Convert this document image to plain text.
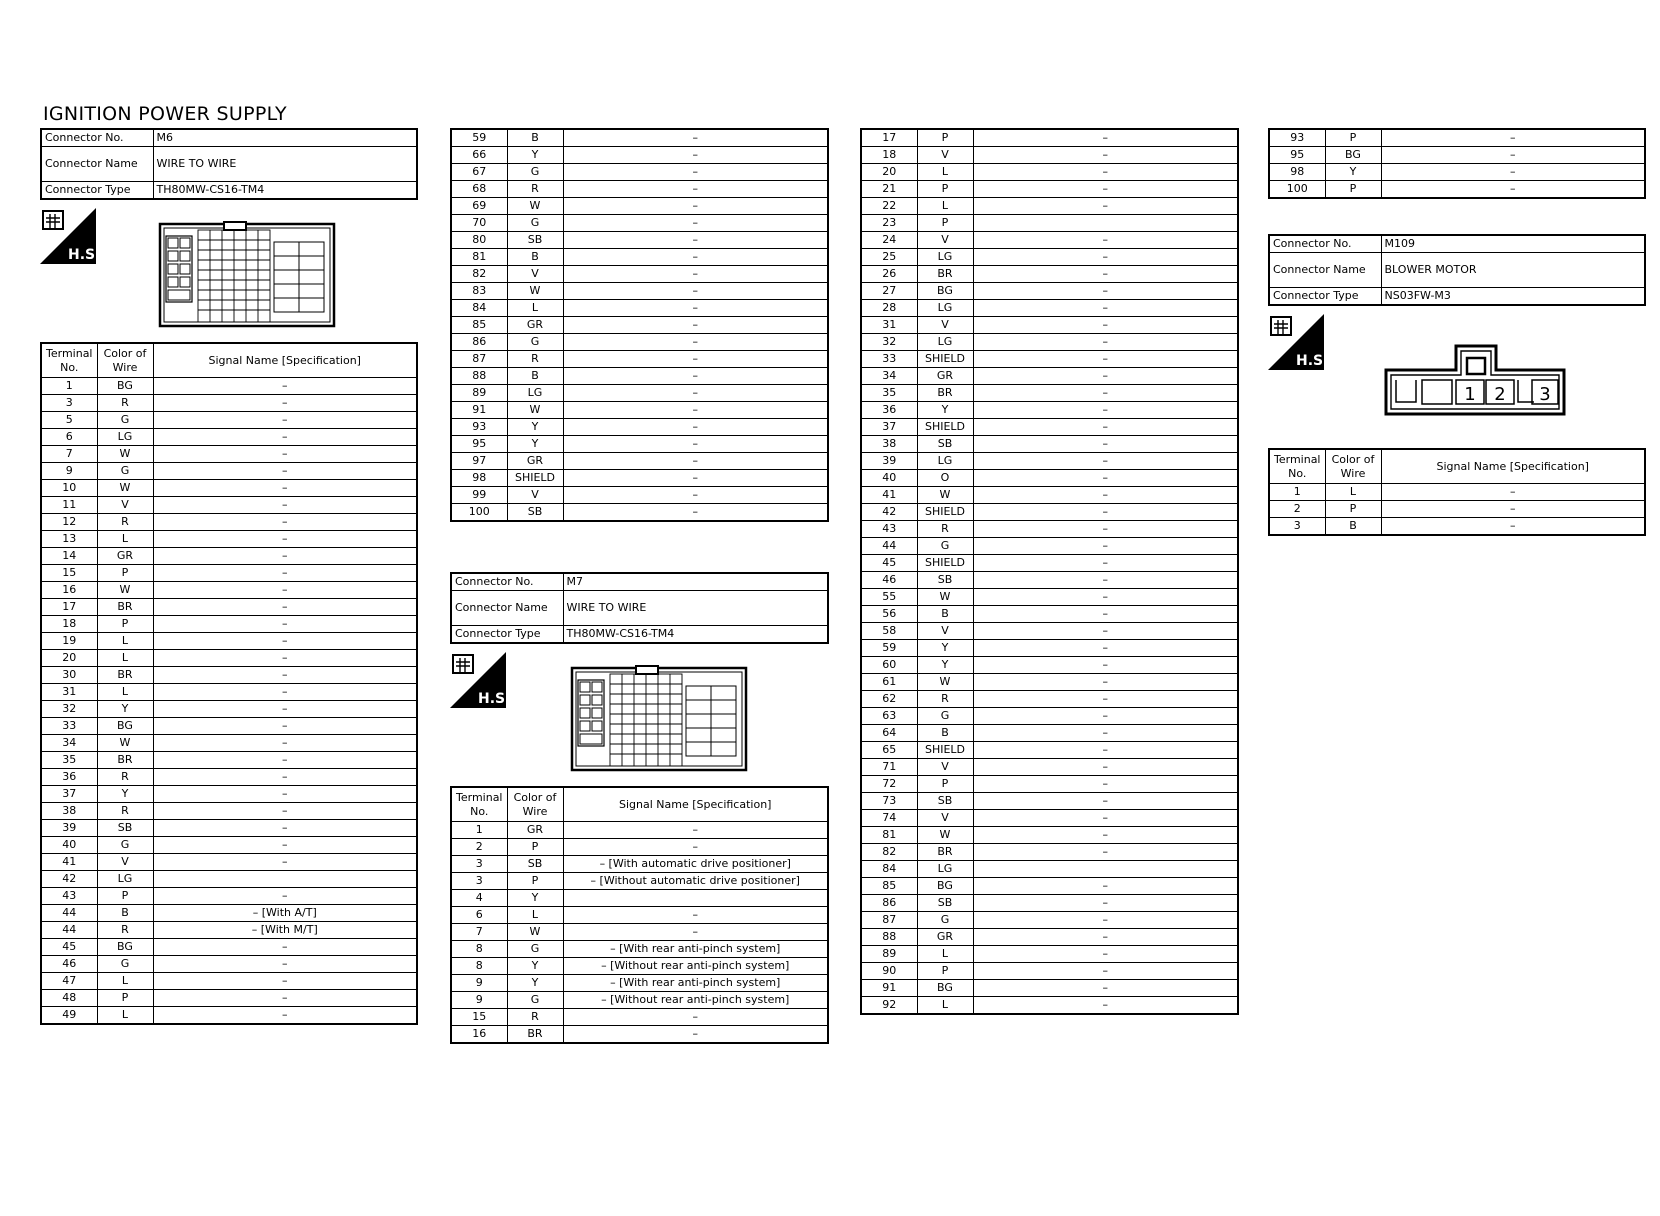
IGNITION POWER SUPPLY
Connector No.	M6
Connector Name	WIRE TO WIRE
Connector Type	TH80MW-CS16-TM4
H.S.
Terminal No.	Color of Wire	Signal Name [Specification]
1	BG	–
3	R	–
5	G	–
6	LG	–
7	W	–
9	G	–
10	W	–
11	V	–
12	R	–
13	L	–
14	GR	–
15	P	–
16	W	–
17	BR	–
18	P	–
19	L	–
20	L	–
30	BR	–
31	L	–
32	Y	–
33	BG	–
34	W	–
35	BR	–
36	R	–
37	Y	–
38	R	–
39	SB	–
40	G	–
41	V	–
42	LG	
43	P	–
44	B	– [With A/T]
44	R	– [With M/T]
45	BG	–
46	G	–
47	L	–
48	P	–
49	L	–
59	B	–
66	Y	–
67	G	–
68	R	–
69	W	–
70	G	–
80	SB	–
81	B	–
82	V	–
83	W	–
84	L	–
85	GR	–
86	G	–
87	R	–
88	B	–
89	LG	–
91	W	–
93	Y	–
95	Y	–
97	GR	–
98	SHIELD	–
99	V	–
100	SB	–
Connector No.	M7
Connector Name	WIRE TO WIRE
Connector Type	TH80MW-CS16-TM4
H.S.
Terminal No.	Color of Wire	Signal Name [Specification]
1	GR	–
2	P	–
3	SB	– [With automatic drive positioner]
3	P	– [Without automatic drive positioner]
4	Y	
6	L	–
7	W	–
8	G	– [With rear anti-pinch system]
8	Y	– [Without rear anti-pinch system]
9	Y	– [With rear anti-pinch system]
9	G	– [Without rear anti-pinch system]
15	R	–
16	BR	–
17	P	–
18	V	–
20	L	–
21	P	–
22	L	–
23	P	
24	V	–
25	LG	–
26	BR	–
27	BG	–
28	LG	–
31	V	–
32	LG	–
33	SHIELD	–
34	GR	–
35	BR	–
36	Y	–
37	SHIELD	–
38	SB	–
39	LG	–
40	O	–
41	W	–
42	SHIELD	–
43	R	–
44	G	–
45	SHIELD	–
46	SB	–
55	W	–
56	B	–
58	V	–
59	Y	–
60	Y	–
61	W	–
62	R	–
63	G	–
64	B	–
65	SHIELD	–
71	V	–
72	P	–
73	SB	–
74	V	–
81	W	–
82	BR	–
84	LG	
85	BG	–
86	SB	–
87	G	–
88	GR	–
89	L	–
90	P	–
91	BG	–
92	L	–
93	P	–
95	BG	–
98	Y	–
100	P	–
Connector No.	M109
Connector Name	BLOWER MOTOR
Connector Type	NS03FW-M3
H.S.
1 2 3
Terminal No.	Color of Wire	Signal Name [Specification]
1	L	–
2	P	–
3	B	–
